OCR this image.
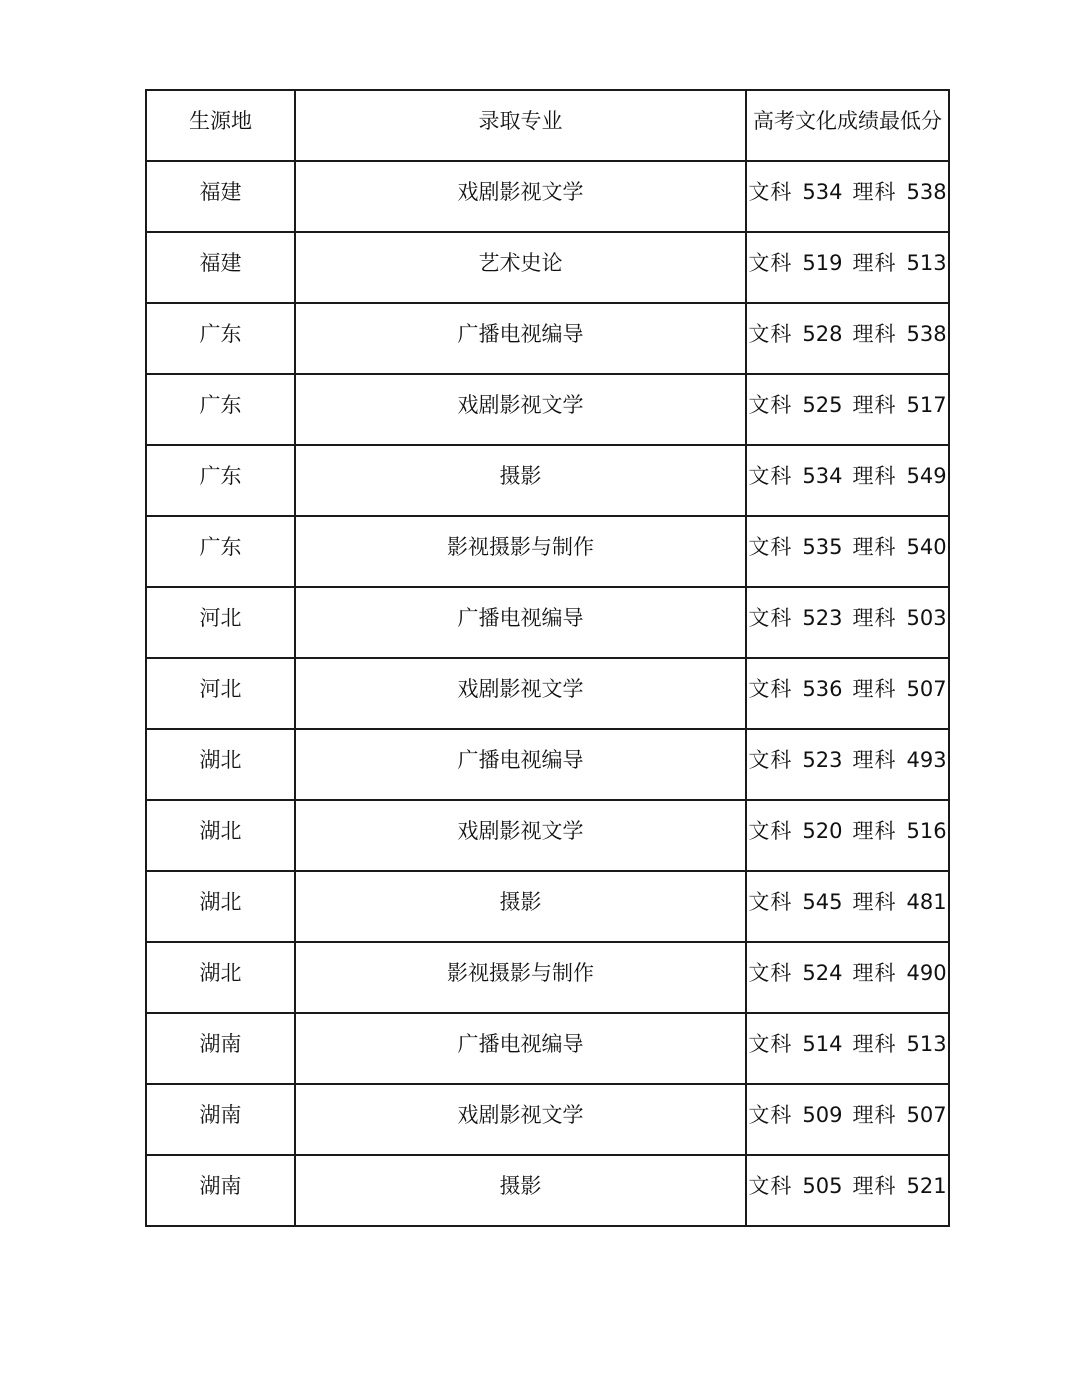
生源地	录取专业	高考文化成绩最低分

福建	戏剧影视文学	文科 534 理科 538

福建	艺术史论	文科 519 理科 513

广东	广播电视编导	文科 528 理科 538

广东	戏剧影视文学	文科 525 理科 517

广东	摄影	文科 534 理科 549

广东	影视摄影与制作	文科 535 理科 540

河北	广播电视编导	文科 523 理科 503

河北	戏剧影视文学	文科 536 理科 507

湖北	广播电视编导	文科 523 理科 493

湖北	戏剧影视文学	文科 520 理科 516

湖北	摄影	文科 545 理科 481

湖北	影视摄影与制作	文科 524 理科 490

湖南	广播电视编导	文科 514 理科 513

湖南	戏剧影视文学	文科 509 理科 507

湖南	摄影	文科 505 理科 521
